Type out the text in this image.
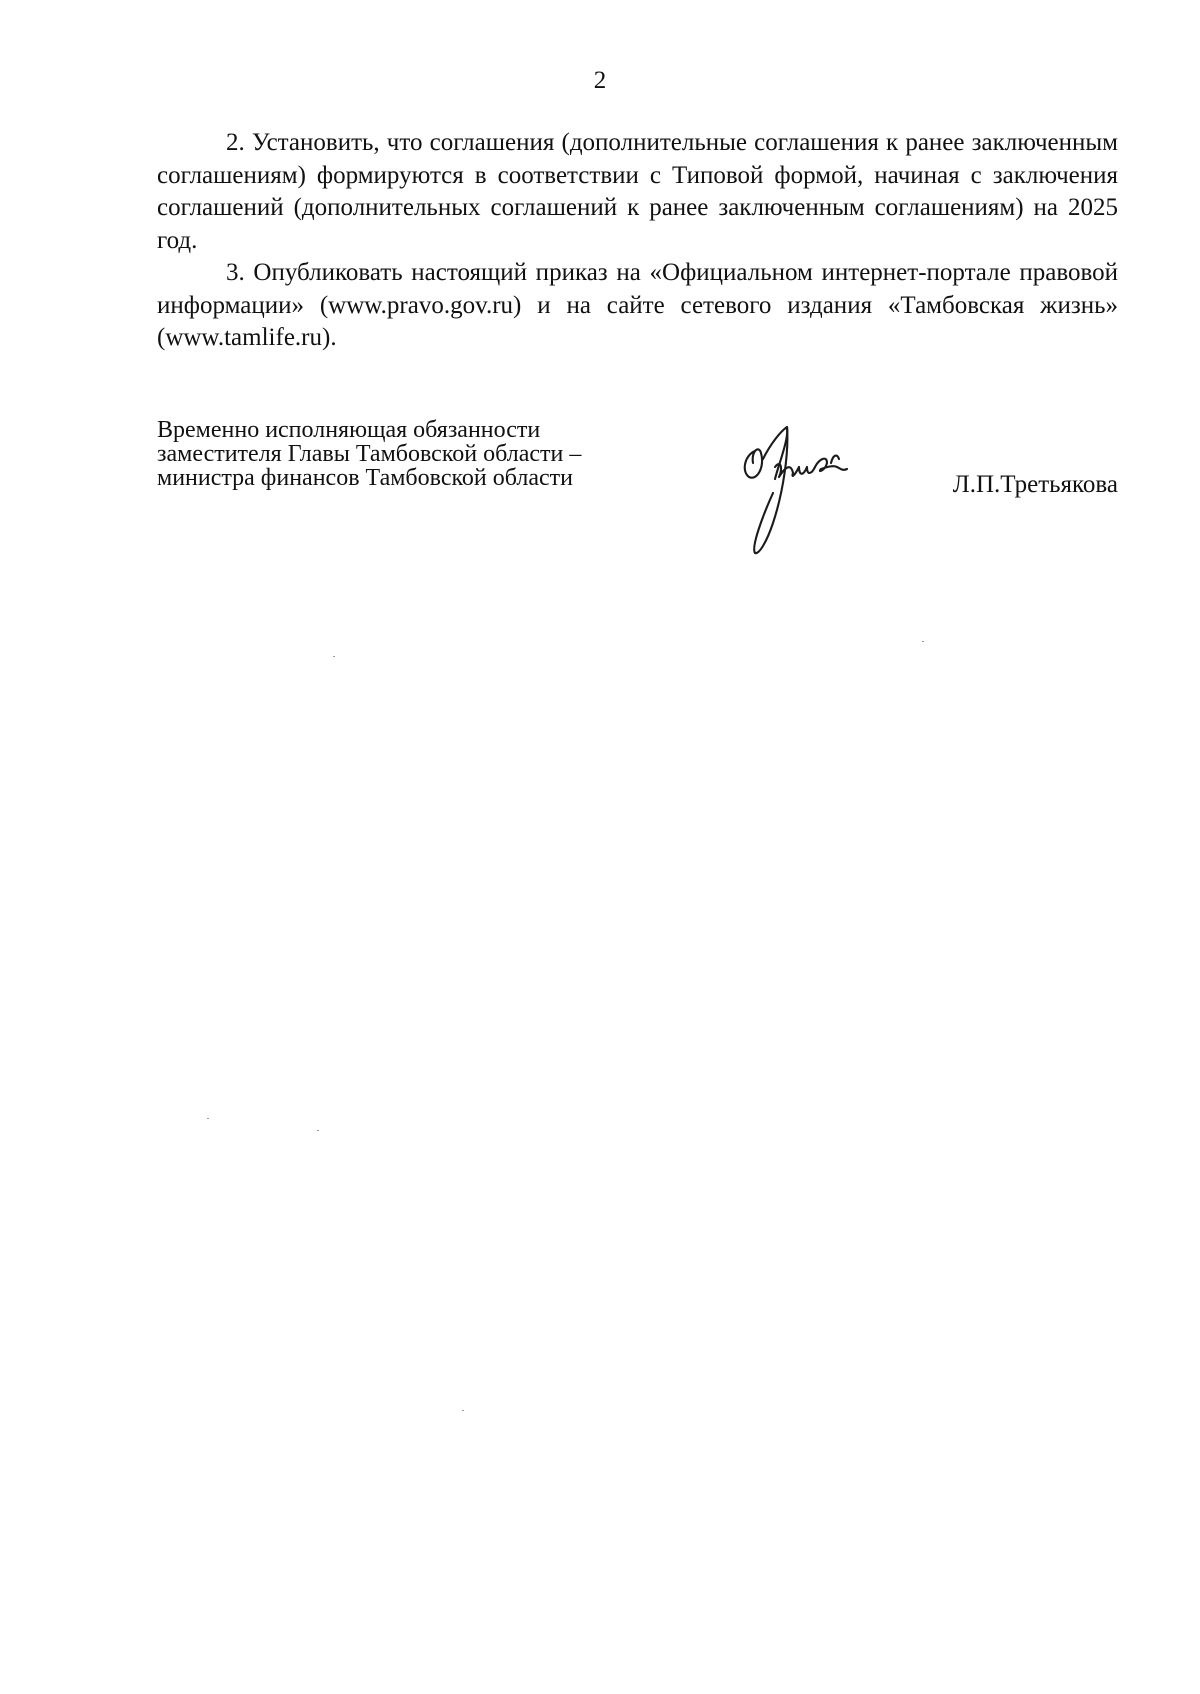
2

2. Установить, что соглашения (дополнительные соглашения к ранее заключенным соглашениям) формируются в соответствии с Типовой формой, начиная с заключения соглашений (дополнительных соглашений к ранее заключенным соглашениям) на 2025 год.

3. Опубликовать настоящий приказ на «Официальном интернет-портале правовой информации» (www.pravo.gov.ru) и на сайте сетевого издания «Тамбовская жизнь» (www.tamlife.ru).

Временно исполняющая обязанности
заместителя Главы Тамбовской области –
министра финансов Тамбовской области	Л.П.Третьякова
